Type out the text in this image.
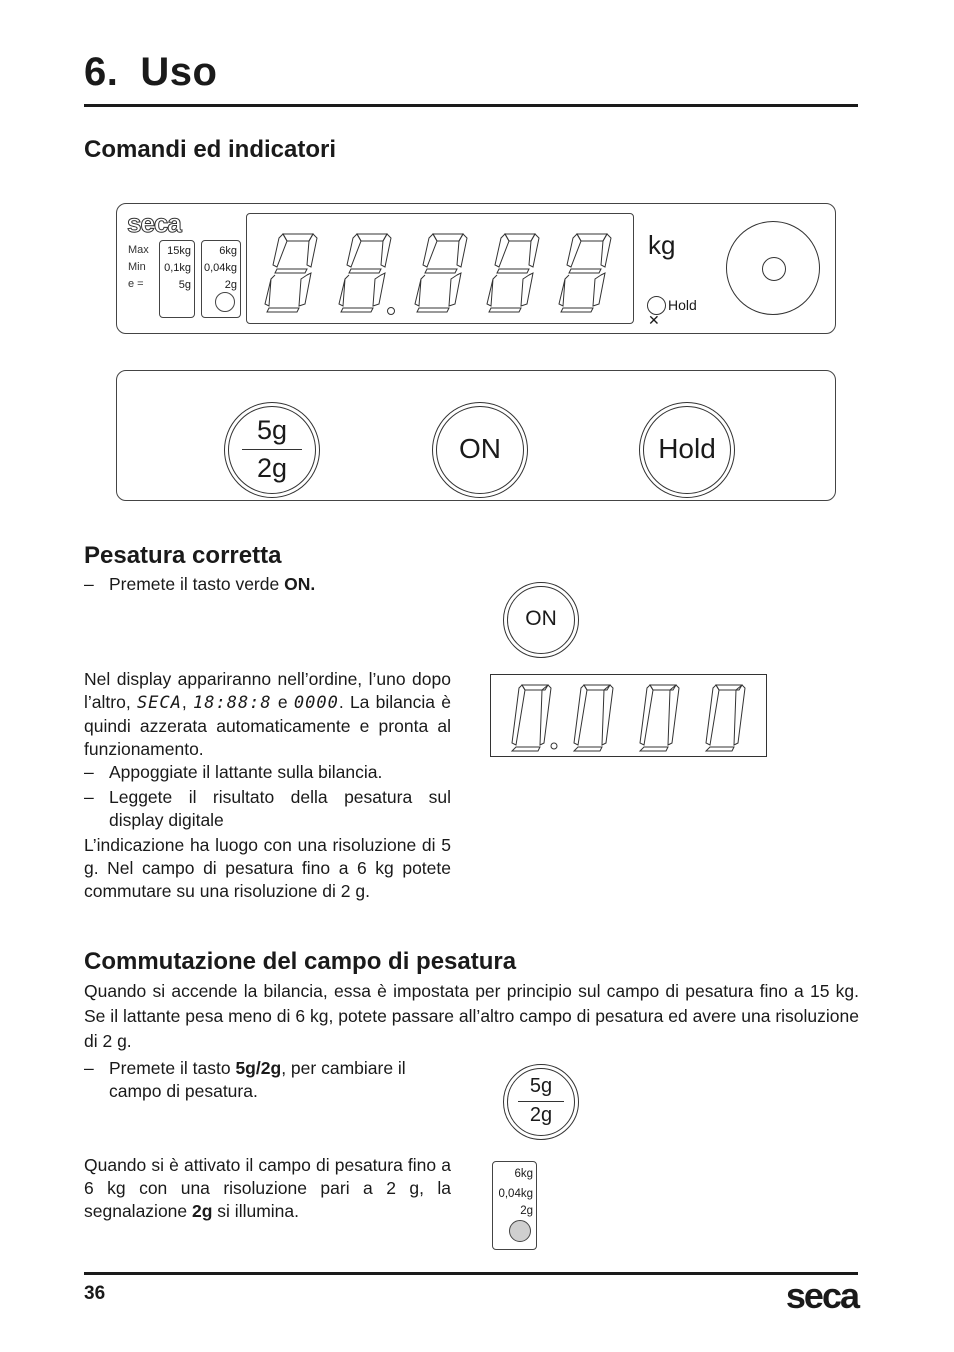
6. Uso
Comandi ed indicatori
seca
Max
Min
e =
15kg
0,1kg
5g
6kg
0,04kg
2g
kg
Hold
✕
5g
2g
ON	Hold
Pesatura corretta
– Premete il tasto verde ON.
ON
Nel display appariranno nell’ordine, l’uno dopo l’altro, SECA, 18:88:8 e 0000. La bilancia è quindi azzerata automaticamente e pronta al funzionamento.
– Appoggiate il lattante sulla bilancia.
– Leggete il risultato della pesatura sul display digitale
L’indicazione ha luogo con una risoluzione di 5 g. Nel campo di pesatura fino a 6 kg potete commutare su una risoluzione di 2 g.
Commutazione del campo di pesatura
Quando si accende la bilancia, essa è impostata per principio sul campo di pesatura fino a 15 kg. Se il lattante pesa meno di 6 kg, potete passare all’altro campo di pesatura ed avere una risoluzione di 2 g.
– Premete il tasto 5g/2g, per cambiare il campo di pesatura.	5g
2g
Quando si è attivato il campo di pesatura fino a 6 kg con una risoluzione pari a 2 g, la segnalazione 2g si illumina.
6kg
0,04kg
2g
36	seca
